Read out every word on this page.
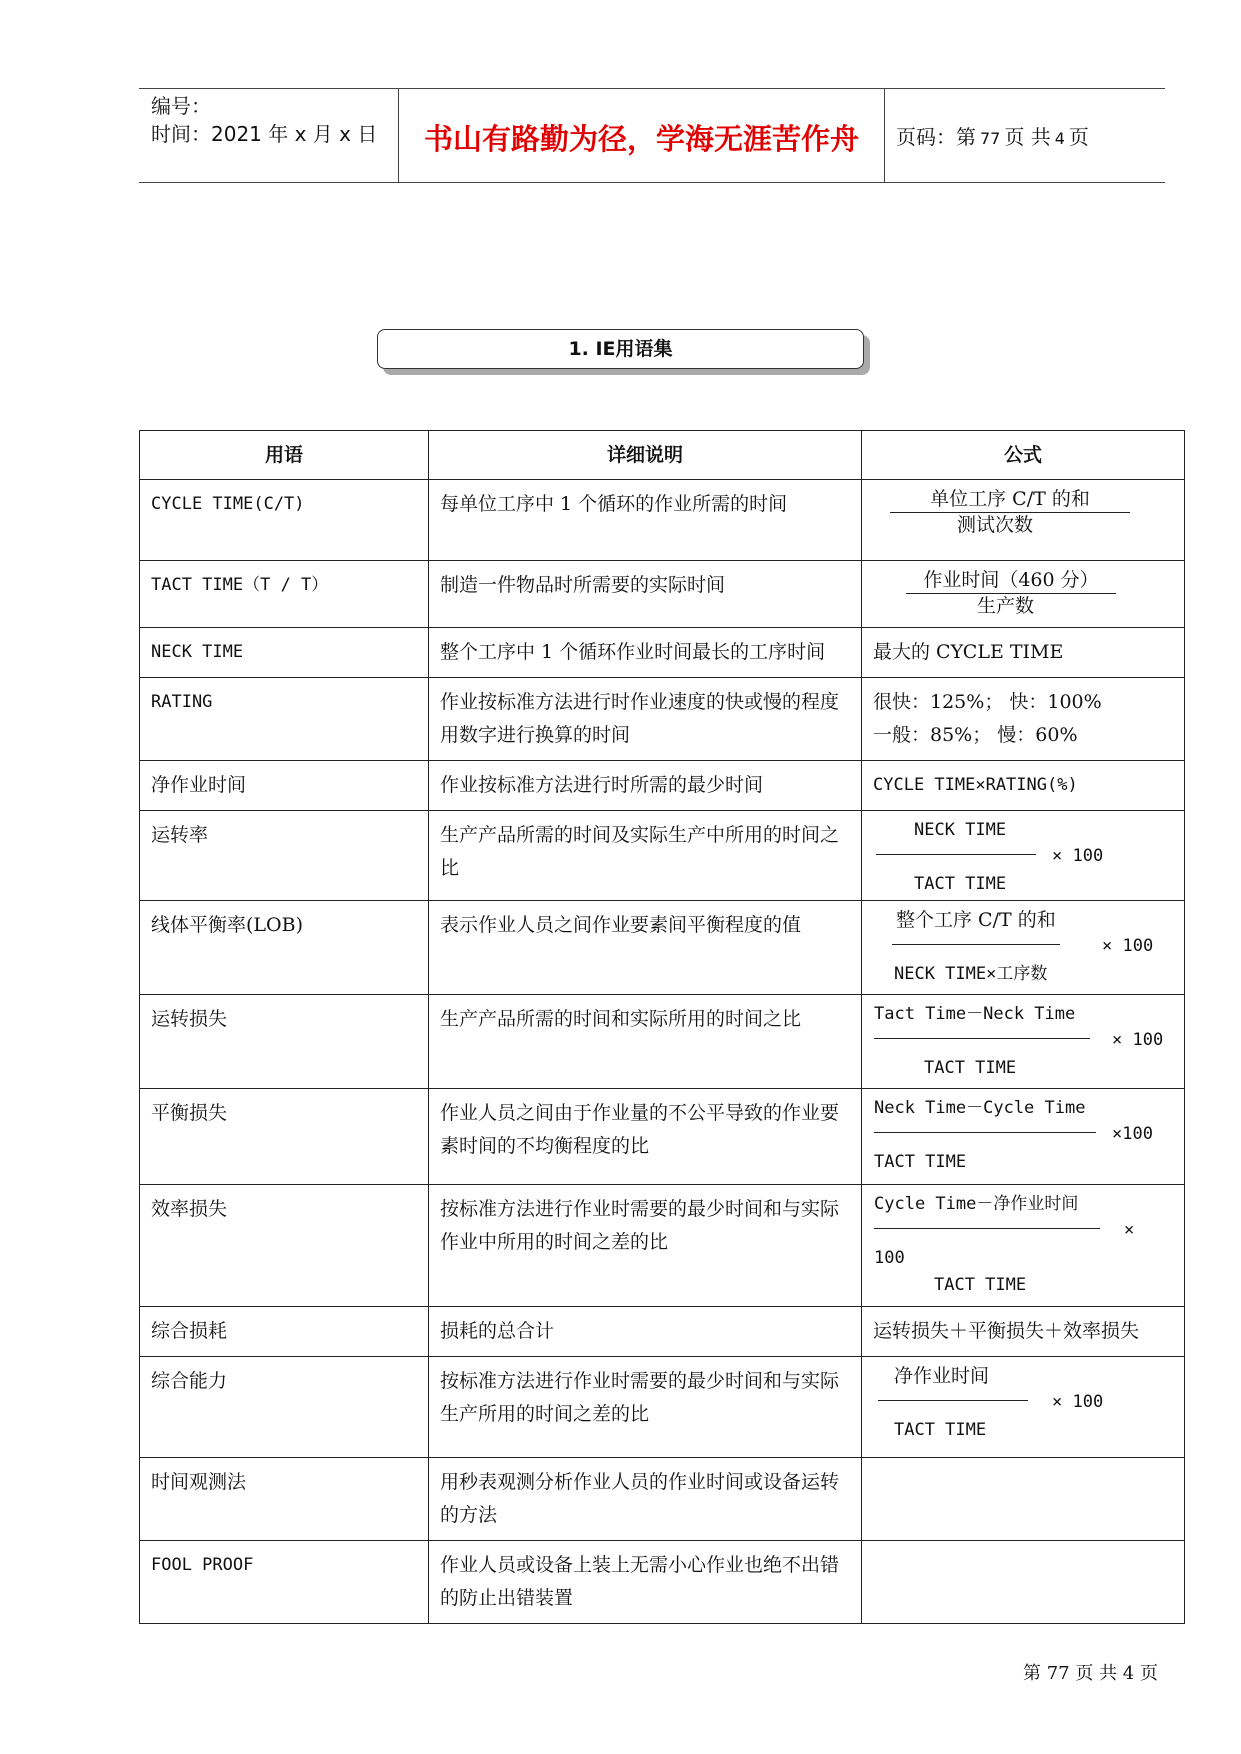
编号：
时间：2021 年 x 月 x 日	书山有路勤为径，学海无涯苦作舟	页码：第 77 页 共 4 页
1. IE用语集
用语	详细说明	公式
CYCLE TIME(C/T)	每单位工序中 1 个循环的作业所需的时间	单位工序 C/T 的和
测试次数

TACT TIME（T / T）	制造一件物品时所需要的实际时间	作业时间（460 分）
生产数

NECK TIME	整个工序中 1 个循环作业时间最长的工序时间	最大的 CYCLE TIME

RATING	作业按标准方法进行时作业速度的快或慢的程度用数字进行换算的时间	很快：125%； 快：100%
一般：85%； 慢：60%

净作业时间	作业按标准方法进行时所需的最少时间	CYCLE TIME×RATING(%)

运转率	生产产品所需的时间及实际生产中所用的时间之比	NECK TIME
TACT TIME
× 100

线体平衡率(LOB)	表示作业人员之间作业要素间平衡程度的值	整个工序 C/T 的和
NECK TIME×工序数
× 100

运转损失	生产产品所需的时间和实际所用的时间之比	Tact Time－Neck Time
TACT TIME
× 100

平衡损失	作业人员之间由于作业量的不公平导致的作业要素时间的不均衡程度的比	Neck Time－Cycle Time
TACT TIME
×100

效率损失	按标准方法进行作业时需要的最少时间和与实际作业中所用的时间之差的比	Cycle Time－净作业时间
×
100
TACT TIME

综合损耗	损耗的总合计	运转损失＋平衡损失＋效率损失

综合能力	按标准方法进行作业时需要的最少时间和与实际生产所用的时间之差的比	净作业时间
TACT TIME
× 100

时间观测法	用秒表观测分析作业人员的作业时间或设备运转的方法	

FOOL PROOF	作业人员或设备上装上无需小心作业也绝不出错的防止出错装置	
第 77 页 共 4 页
